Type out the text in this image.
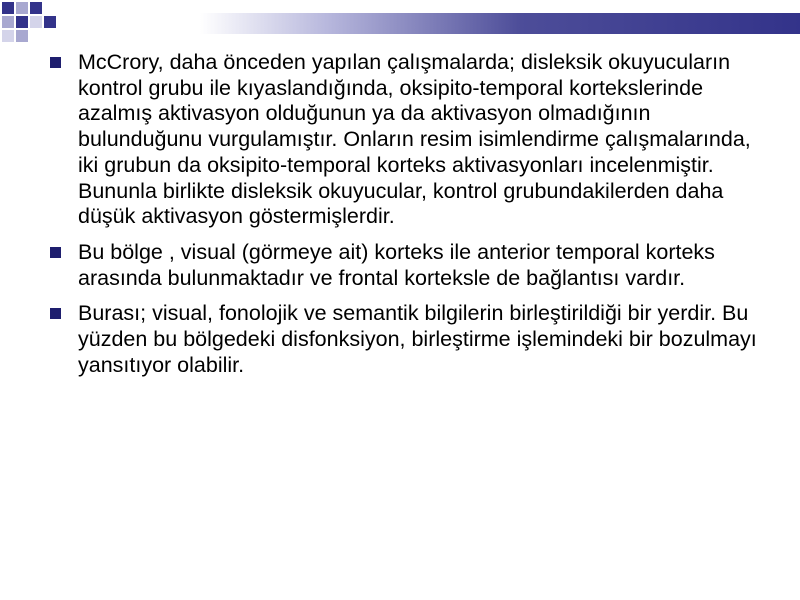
McCrory, daha önceden yapılan çalışmalarda; disleksik okuyucuların kontrol grubu ile kıyaslandığında, oksipito-temporal kortekslerinde azalmış aktivasyon olduğunun ya da aktivasyon olmadığının bulunduğunu vurgulamıştır. Onların resim isimlendirme çalışmalarında, iki grubun da oksipito-temporal korteks aktivasyonları incelenmiştir. Bununla birlikte disleksik okuyucular, kontrol grubundakilerden daha düşük aktivasyon göstermişlerdir.
Bu bölge , visual (görmeye ait) korteks ile anterior temporal korteks arasında bulunmaktadır ve frontal korteksle de bağlantısı vardır.
Burası; visual, fonolojik ve semantik bilgilerin birleştirildiği bir yerdir. Bu yüzden bu bölgedeki disfonksiyon, birleştirme işlemindeki bir bozulmayı yansıtıyor olabilir.
